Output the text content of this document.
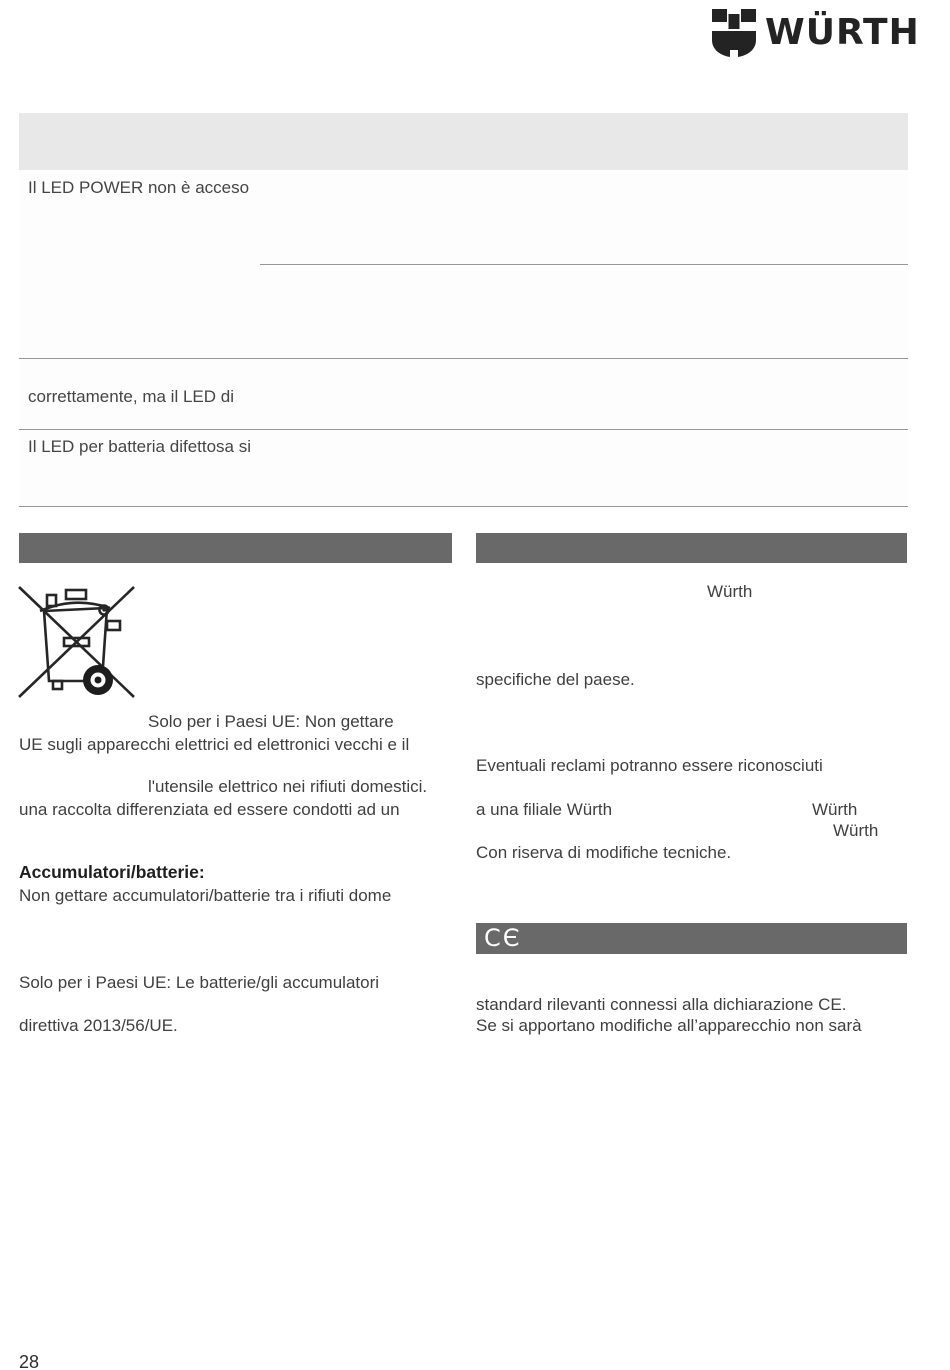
WÜRTH
Il LED POWER non è acceso
correttamente, ma il LED di
Il LED per batteria difettosa si

Solo per i Paesi UE: Non gettare

l'utensile elettrico nei rifiuti domestici.

UE sugli apparecchi elettrici ed elettronici vecchi e il
una raccolta differenziata ed essere condotti ad un
Accumulatori/batterie:
Non gettare accumulatori/batterie tra i rifiuti dome
Solo per i Paesi UE: Le batterie/gli accumulatori
direttiva 2013/56/UE.
Würth
specifiche del paese.
Eventuali reclami potranno essere riconosciuti
a una filiale Würth	Würth
Würth
Con riserva di modifiche tecniche.
CЄ
standard rilevanti connessi alla dichiarazione CE.
Se si apportano modifiche all’apparecchio non sarà
28
